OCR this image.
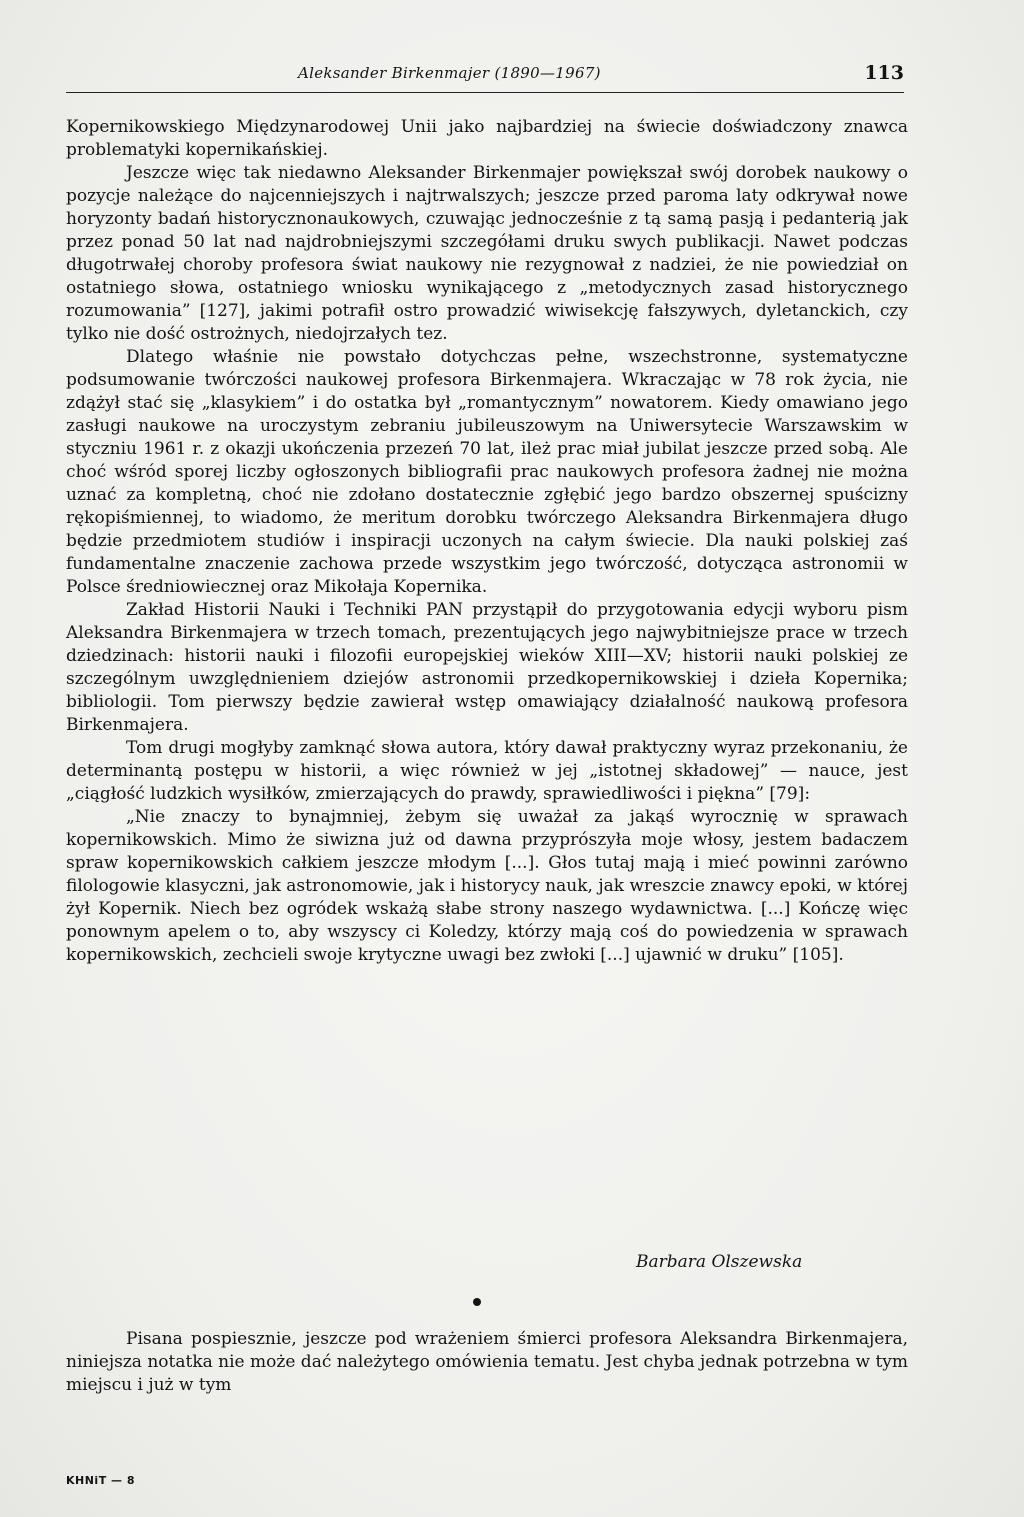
Aleksander Birkenmajer (1890—1967)	113

Kopernikowskiego Międzynarodowej Unii jako najbardziej na świecie doświadczony znawca problematyki kopernikańskiej.

Jeszcze więc tak niedawno Aleksander Birkenmajer powiększał swój dorobek naukowy o pozycje należące do najcenniejszych i najtrwalszych; jeszcze przed paroma laty odkrywał nowe horyzonty badań historycznonaukowych, czuwając jednocześnie z tą samą pasją i pedanterią jak przez ponad 50 lat nad najdrobniejszymi szczegółami druku swych publikacji. Nawet podczas długotrwałej choroby profesora świat naukowy nie rezygnował z nadziei, że nie powiedział on ostatniego słowa, ostatniego wniosku wynikającego z „metodycznych zasad historycznego rozumowania” [127], jakimi potrafił ostro prowadzić wiwisekcję fałszywych, dyletanckich, czy tylko nie dość ostrożnych, niedojrzałych tez.

Dlatego właśnie nie powstało dotychczas pełne, wszechstronne, systematyczne podsumowanie twórczości naukowej profesora Birkenmajera. Wkraczając w 78 rok życia, nie zdążył stać się „klasykiem” i do ostatka był „romantycznym” nowatorem. Kiedy omawiano jego zasługi naukowe na uroczystym zebraniu jubileuszowym na Uniwersytecie Warszawskim w styczniu 1961 r. z okazji ukończenia przezeń 70 lat, ileż prac miał jubilat jeszcze przed sobą. Ale choć wśród sporej liczby ogłoszonych bibliografii prac naukowych profesora żadnej nie można uznać za kompletną, choć nie zdołano dostatecznie zgłębić jego bardzo obszernej spuścizny rękopiśmiennej, to wiadomo, że meritum dorobku twórczego Aleksandra Birkenmajera długo będzie przedmiotem studiów i inspiracji uczonych na całym świecie. Dla nauki polskiej zaś fundamentalne znaczenie zachowa przede wszystkim jego twórczość, dotycząca astronomii w Polsce średniowiecznej oraz Mikołaja Kopernika.

Zakład Historii Nauki i Techniki PAN przystąpił do przygotowania edycji wyboru pism Aleksandra Birkenmajera w trzech tomach, prezentujących jego najwybitniejsze prace w trzech dziedzinach: historii nauki i filozofii europejskiej wieków XIII—XV; historii nauki polskiej ze szczególnym uwzględnieniem dziejów astronomii przedkopernikowskiej i dzieła Kopernika; bibliologii. Tom pierwszy będzie zawierał wstęp omawiający działalność naukową profesora Birkenmajera.

Tom drugi mogłyby zamknąć słowa autora, który dawał praktyczny wyraz przekonaniu, że determinantą postępu w historii, a więc również w jej „istotnej składowej” — nauce, jest „ciągłość ludzkich wysiłków, zmierzających do prawdy, sprawiedliwości i piękna” [79]:

„Nie znaczy to bynajmniej, żebym się uważał za jakąś wyrocznię w sprawach kopernikowskich. Mimo że siwizna już od dawna przyprószyła moje włosy, jestem badaczem spraw kopernikowskich całkiem jeszcze młodym [...]. Głos tutaj mają i mieć powinni zarówno filologowie klasyczni, jak astronomowie, jak i historycy nauk, jak wreszcie znawcy epoki, w której żył Kopernik. Niech bez ogródek wskażą słabe strony naszego wydawnictwa. [...] Kończę więc ponownym apelem o to, aby wszyscy ci Koledzy, którzy mają coś do powiedzenia w sprawach kopernikowskich, zechcieli swoje krytyczne uwagi bez zwłoki [...] ujawnić w druku” [105].

Barbara Olszewska

Pisana pospiesznie, jeszcze pod wrażeniem śmierci profesora Aleksandra Birkenmajera, niniejsza notatka nie może dać należytego omówienia tematu. Jest chyba jednak potrzebna w tym miejscu i już w tym

KHNiT — 8
